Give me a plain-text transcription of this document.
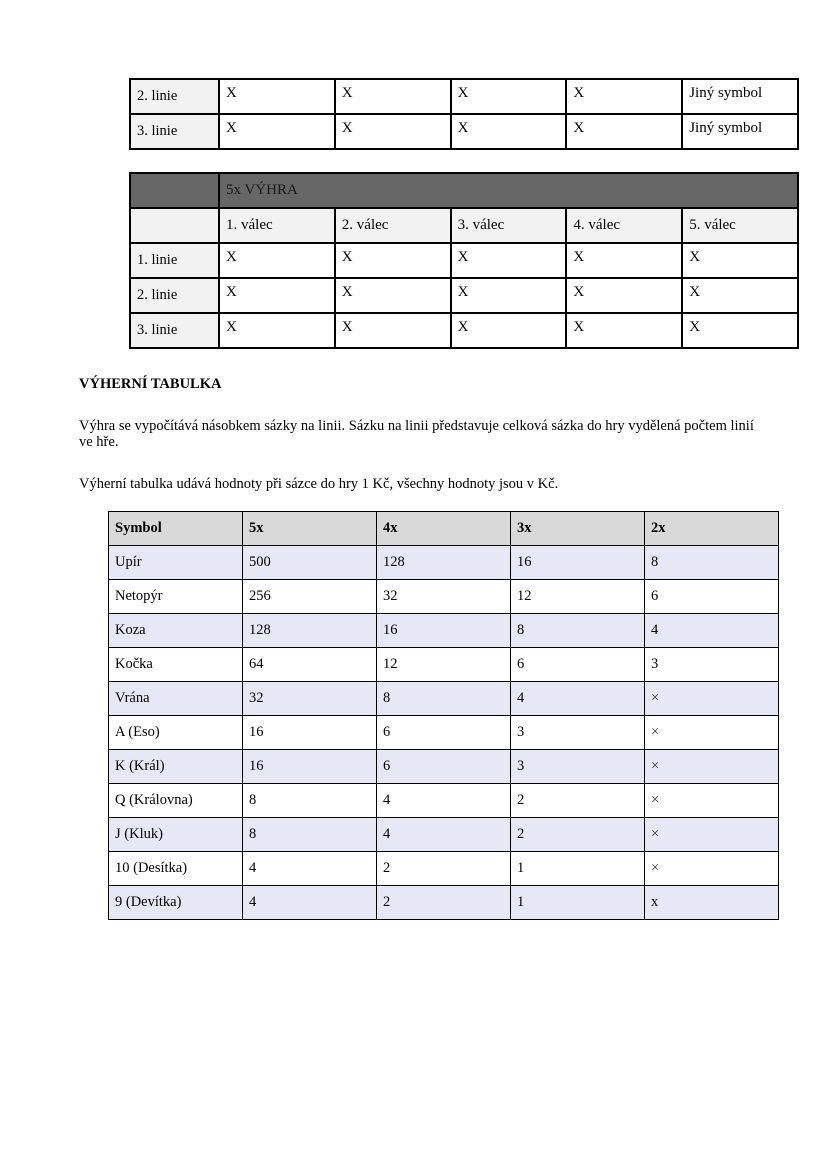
2. linie	X	X	X	X	Jiný symbol
3. linie	X	X	X	X	Jiný symbol
	5x VÝHRA				
	1. válec	2. válec	3. válec	4. válec	5. válec
1. linie	X	X	X	X	X
2. linie	X	X	X	X	X
3. linie	X	X	X	X	X
VÝHERNÍ TABULKA

Výhra se vypočítává násobkem sázky na linii. Sázku na linii představuje celková sázka do hry vydělená počtem linií ve hře.

Výherní tabulka udává hodnoty při sázce do hry 1 Kč, všechny hodnoty jsou v Kč.

Symbol	5x	4x	3x	2x
Upír	500	128	16	8
Netopýr	256	32	12	6
Koza	128	16	8	4
Kočka	64	12	6	3
Vrána	32	8	4	×
A (Eso)	16	6	3	×
K (Král)	16	6	3	×
Q (Královna)	8	4	2	×
J (Kluk)	8	4	2	×
10 (Desítka)	4	2	1	×
9 (Devítka)	4	2	1	x
